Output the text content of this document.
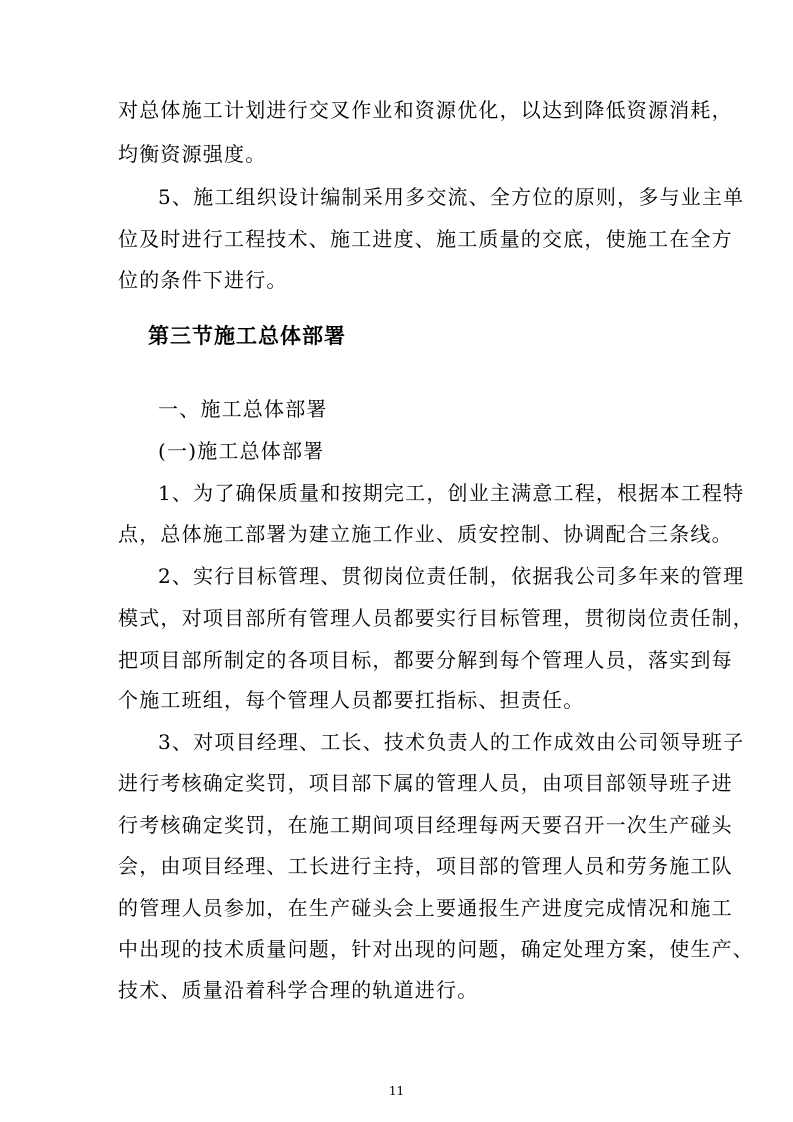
对总体施工计划进行交叉作业和资源优化，以达到降低资源消耗，
均衡资源强度。
5、施工组织设计编制采用多交流、全方位的原则，多与业主单
位及时进行工程技术、施工进度、施工质量的交底，使施工在全方
位的条件下进行。
第三节施工总体部署
一、施工总体部署
(一)施工总体部署
1、为了确保质量和按期完工，创业主满意工程，根据本工程特
点，总体施工部署为建立施工作业、质安控制、协调配合三条线。
2、实行目标管理、贯彻岗位责任制，依据我公司多年来的管理
模式，对项目部所有管理人员都要实行目标管理，贯彻岗位责任制，
把项目部所制定的各项目标，都要分解到每个管理人员，落实到每
个施工班组，每个管理人员都要扛指标、担责任。
3、对项目经理、工长、技术负责人的工作成效由公司领导班子
进行考核确定奖罚，项目部下属的管理人员，由项目部领导班子进
行考核确定奖罚，在施工期间项目经理每两天要召开一次生产碰头
会，由项目经理、工长进行主持，项目部的管理人员和劳务施工队
的管理人员参加，在生产碰头会上要通报生产进度完成情况和施工
中出现的技术质量问题，针对出现的问题，确定处理方案，使生产、
技术、质量沿着科学合理的轨道进行。
11
